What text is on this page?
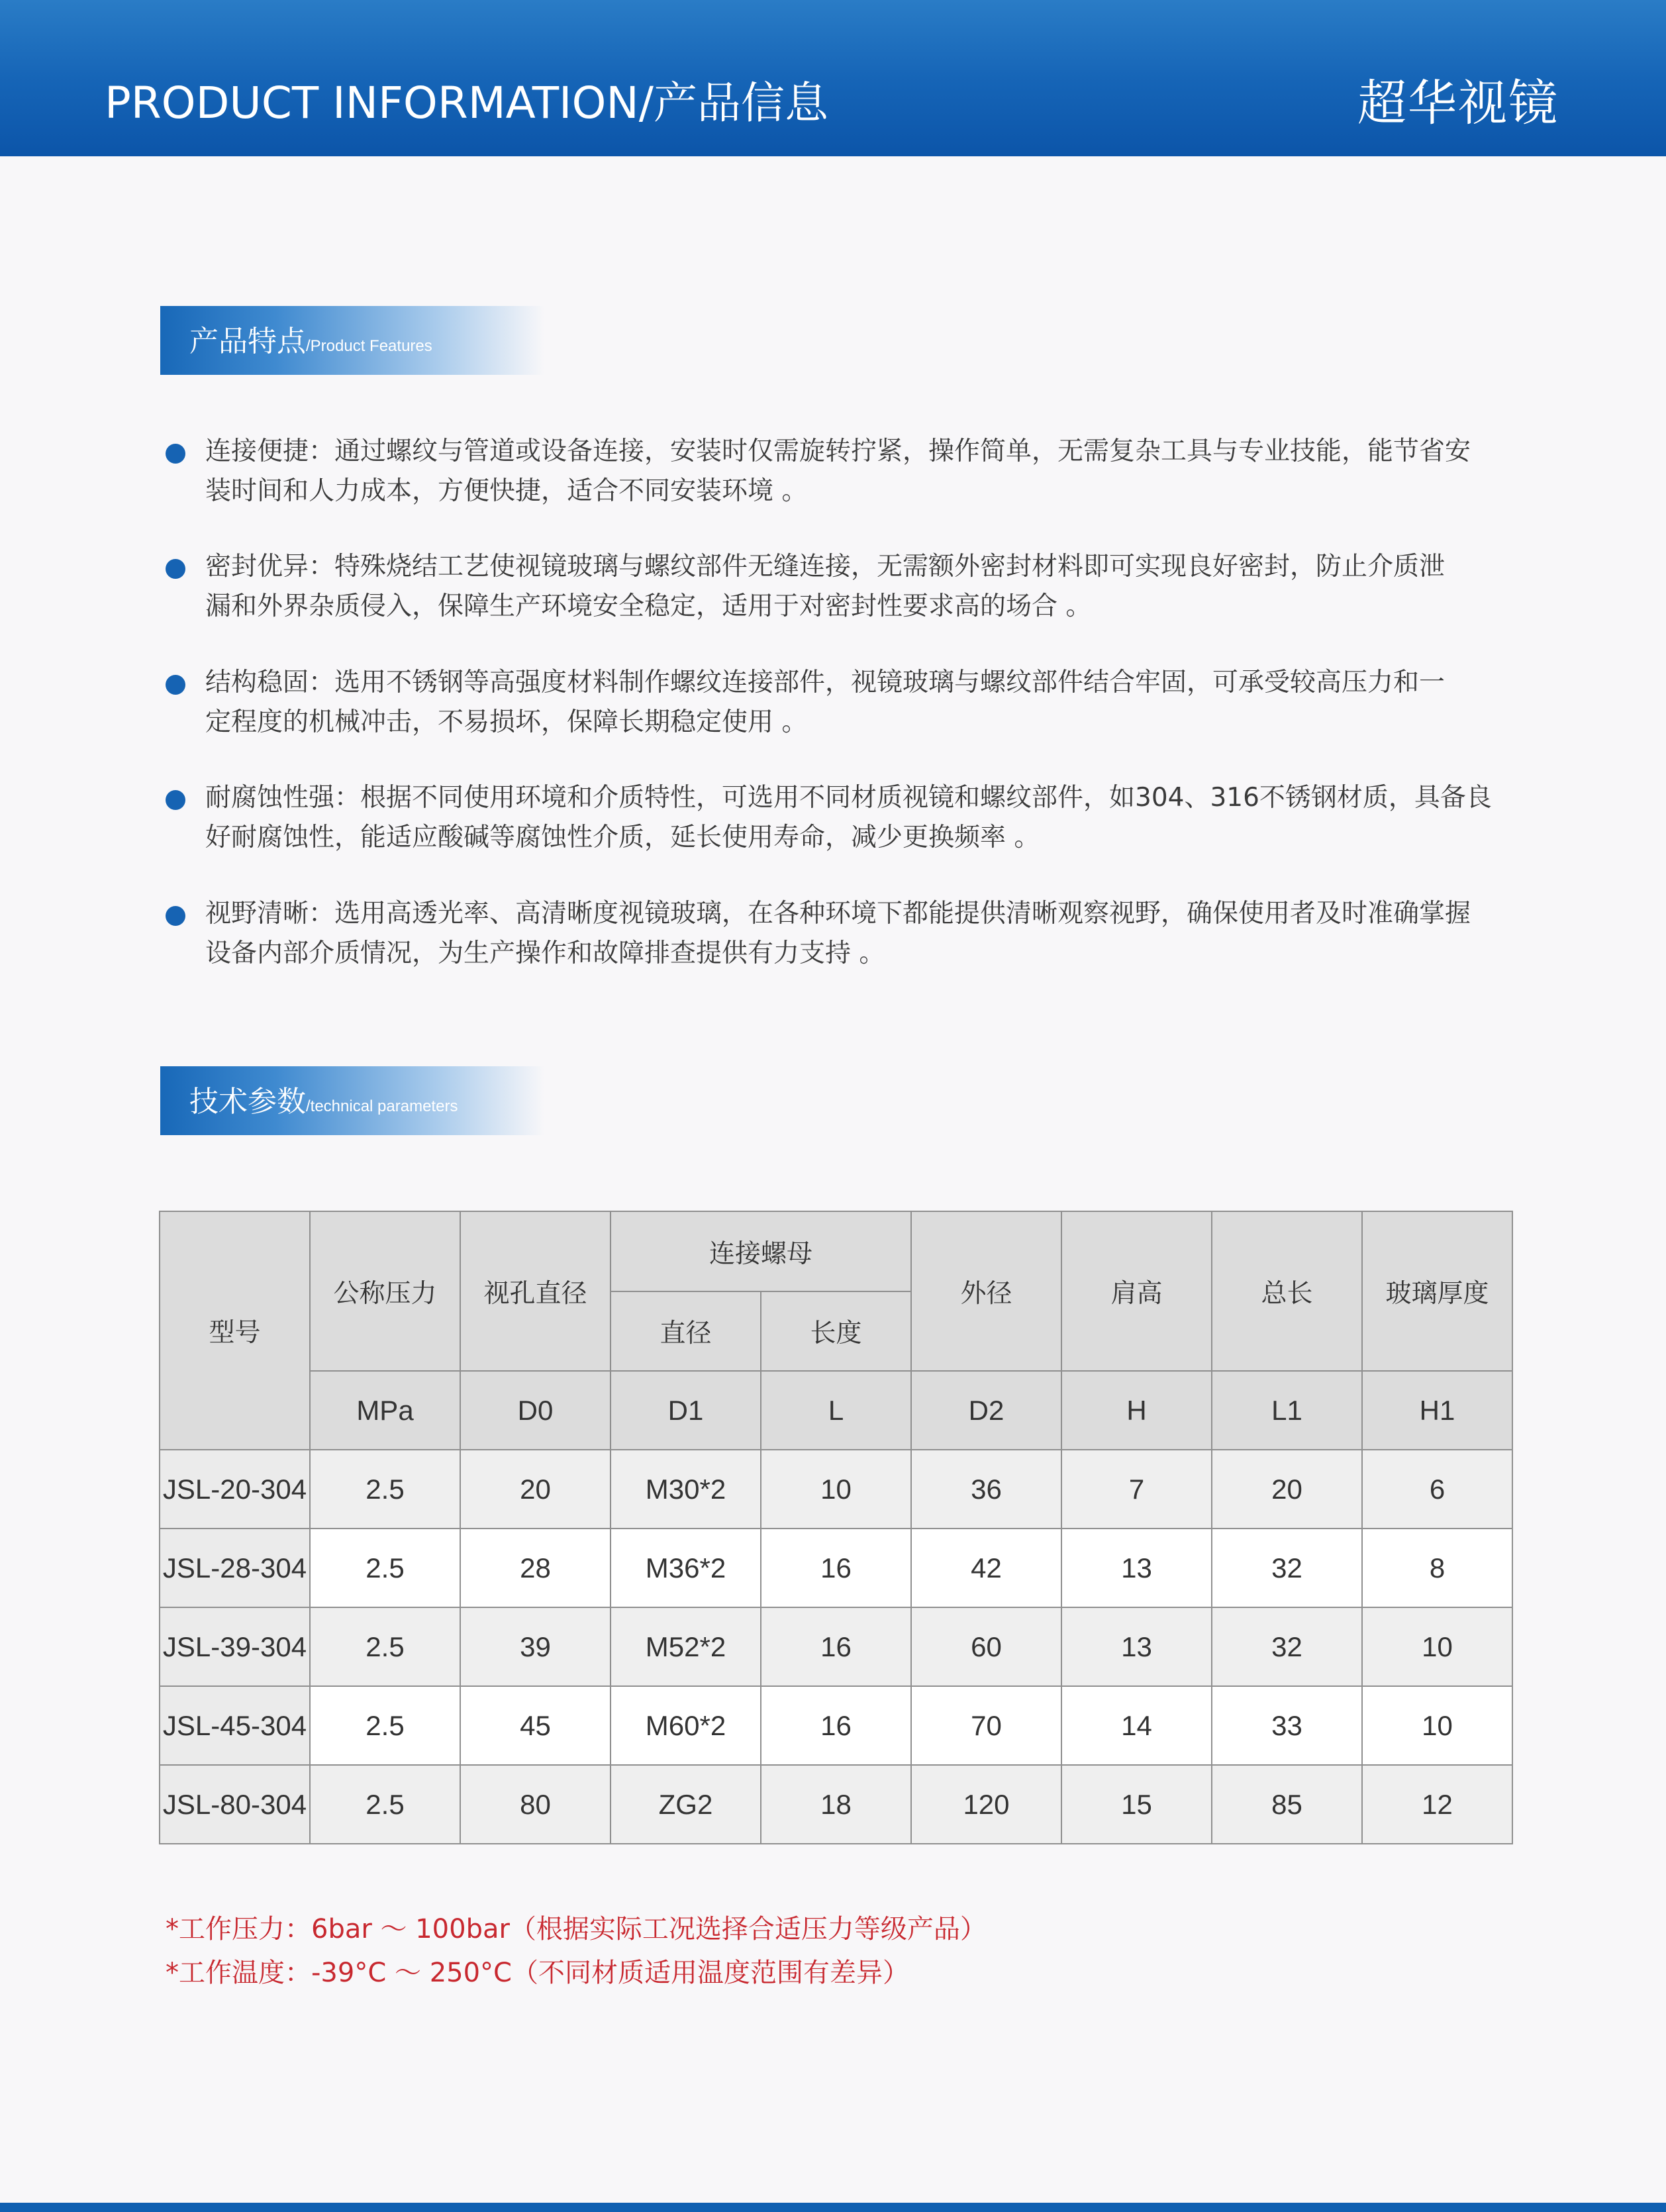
PRODUCT INFORMATION/产品信息	超华视镜
产品特点/Product Features
连接便捷：通过螺纹与管道或设备连接，安装时仅需旋转拧紧，操作简单，无需复杂工具与专业技能，能节省安
装时间和人力成本，方便快捷，适合不同安装环境 。
密封优异：特殊烧结工艺使视镜玻璃与螺纹部件无缝连接，无需额外密封材料即可实现良好密封，防止介质泄
漏和外界杂质侵入，保障生产环境安全稳定，适用于对密封性要求高的场合 。
结构稳固：选用不锈钢等高强度材料制作螺纹连接部件，视镜玻璃与螺纹部件结合牢固，可承受较高压力和一
定程度的机械冲击，不易损坏，保障长期稳定使用 。
耐腐蚀性强：根据不同使用环境和介质特性，可选用不同材质视镜和螺纹部件，如304、316不锈钢材质，具备良
好耐腐蚀性，能适应酸碱等腐蚀性介质，延长使用寿命，减少更换频率 。
视野清晰：选用高透光率、高清晰度视镜玻璃，在各种环境下都能提供清晰观察视野，确保使用者及时准确掌握
设备内部介质情况，为生产操作和故障排查提供有力支持 。
技术参数/technical parameters
型号	公称压力	视孔直径	连接螺母		外径	肩高	总长	玻璃厚度
			直径	长度				
	MPa	D0	D1	L	D2	H	L1	H1
JSL-20-304	2.5	20	M30*2	10	36	7	20	6
JSL-28-304	2.5	28	M36*2	16	42	13	32	8
JSL-39-304	2.5	39	M52*2	16	60	13	32	10
JSL-45-304	2.5	45	M60*2	16	70	14	33	10
JSL-80-304	2.5	80	ZG2	18	120	15	85	12
*工作压力：6bar ～ 100bar（根据实际工况选择合适压力等级产品）
*工作温度：-39°C ～ 250°C（不同材质适用温度范围有差异）
